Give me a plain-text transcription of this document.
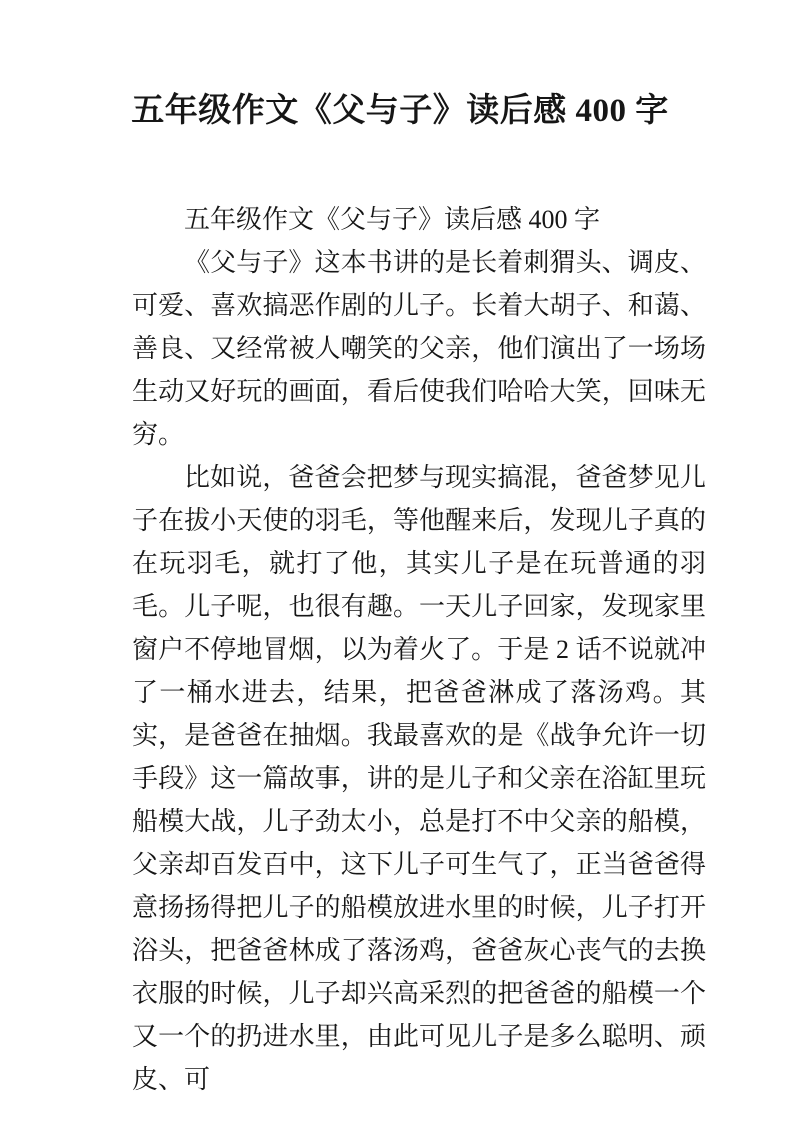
五年级作文《父与子》读后感 400 字

五年级作文《父与子》读后感 400 字

《父与子》这本书讲的是长着刺猬头、调皮、可爱、喜欢搞恶作剧的儿子。长着大胡子、和蔼、善良、又经常被人嘲笑的父亲，他们演出了一场场生动又好玩的画面，看后使我们哈哈大笑，回味无穷。

比如说，爸爸会把梦与现实搞混，爸爸梦见儿子在拔小天使的羽毛，等他醒来后，发现儿子真的在玩羽毛，就打了他，其实儿子是在玩普通的羽毛。儿子呢，也很有趣。一天儿子回家，发现家里窗户不停地冒烟，以为着火了。于是 2 话不说就冲了一桶水进去，结果，把爸爸淋成了落汤鸡。其实，是爸爸在抽烟。我最喜欢的是《战争允许一切手段》这一篇故事，讲的是儿子和父亲在浴缸里玩船模大战，儿子劲太小，总是打不中父亲的船模，父亲却百发百中，这下儿子可生气了，正当爸爸得意扬扬得把儿子的船模放进水里的时候，儿子打开浴头，把爸爸林成了落汤鸡，爸爸灰心丧气的去换衣服的时候，儿子却兴高采烈的把爸爸的船模一个又一个的扔进水里，由此可见儿子是多么聪明、顽皮、可
